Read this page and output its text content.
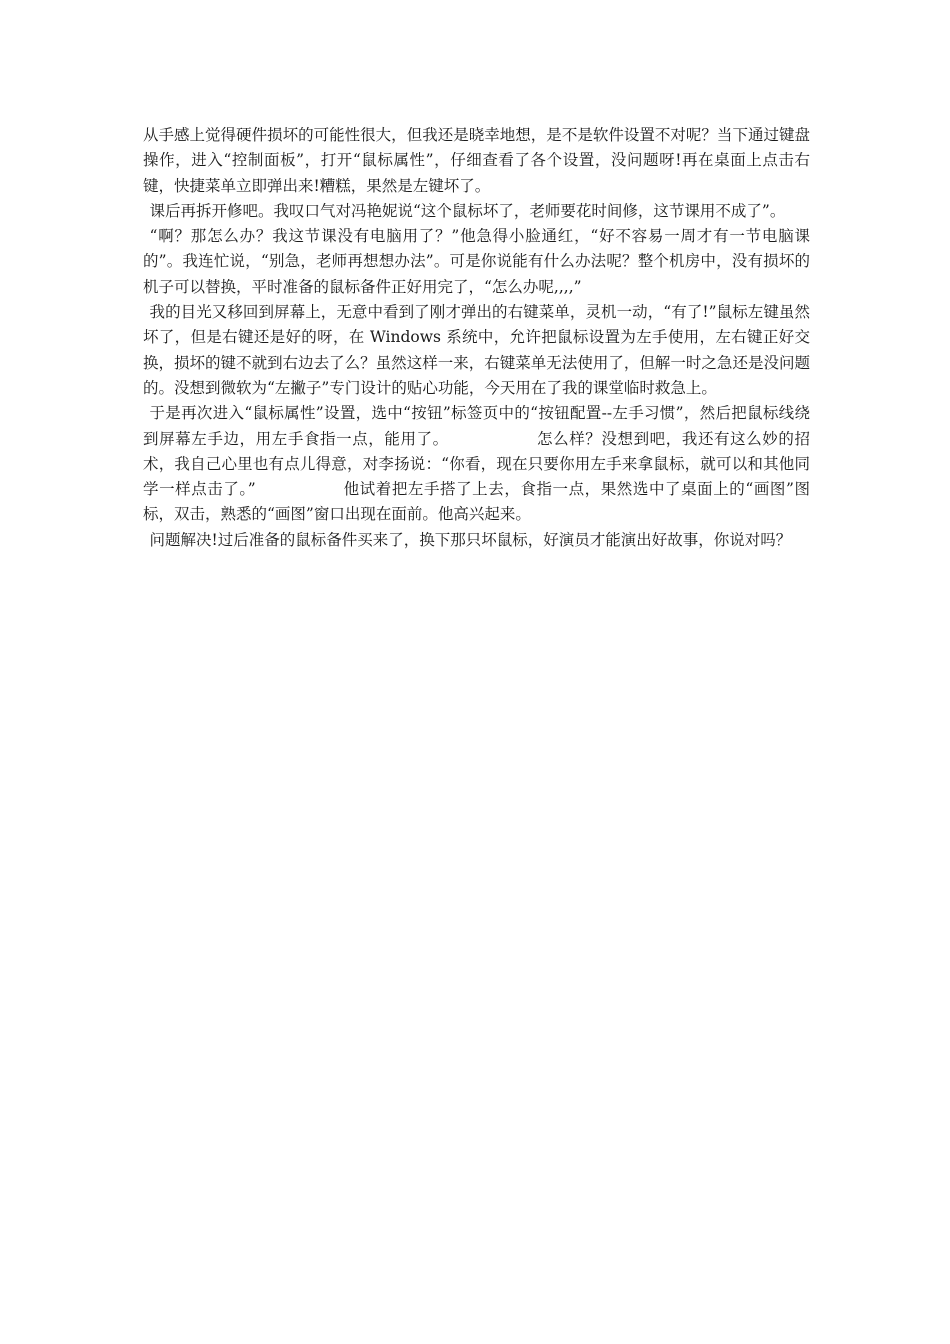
从手感上觉得硬件损坏的可能性很大，但我还是晓幸地想，是不是软件设置不对呢？当下通过键盘操作，进入“控制面板”，打开“鼠标属性”，仔细查看了各个设置，没问题呀!再在桌面上点击右键，快捷菜单立即弹出来!糟糕，果然是左键坏了。

课后再拆开修吧。我叹口气对冯艳妮说“这个鼠标坏了，老师要花时间修，这节课用不成了”。

“啊？那怎么办？我这节课没有电脑用了？”他急得小脸通红，“好不容易一周才有一节电脑课的”。我连忙说，“别急，老师再想想办法”。可是你说能有什么办法呢？整个机房中，没有损坏的机子可以替换，平时准备的鼠标备件正好用完了，“怎么办呢,,,,”

我的目光又移回到屏幕上，无意中看到了刚才弹出的右键菜单，灵机一动，“有了!”鼠标左键虽然坏了，但是右键还是好的呀，在 Windows 系统中，允许把鼠标设置为左手使用，左右键正好交换，损坏的键不就到右边去了么？虽然这样一来，右键菜单无法使用了，但解一时之急还是没问题的。没想到微软为“左撇子”专门设计的贴心功能，今天用在了我的课堂临时救急上。

于是再次进入“鼠标属性”设置，选中“按钮”标签页中的“按钮配置--左手习惯”，然后把鼠标线绕到屏幕左手边，用左手食指一点，能用了。                怎么样？没想到吧，我还有这么妙的招术，我自己心里也有点儿得意，对李扬说：“你看，现在只要你用左手来拿鼠标，就可以和其他同学一样点击了。”                他试着把左手搭了上去，食指一点，果然选中了桌面上的“画图”图标，双击，熟悉的“画图”窗口出现在面前。他高兴起来。

问题解决!过后准备的鼠标备件买来了，换下那只坏鼠标，好演员才能演出好故事，你说对吗？
